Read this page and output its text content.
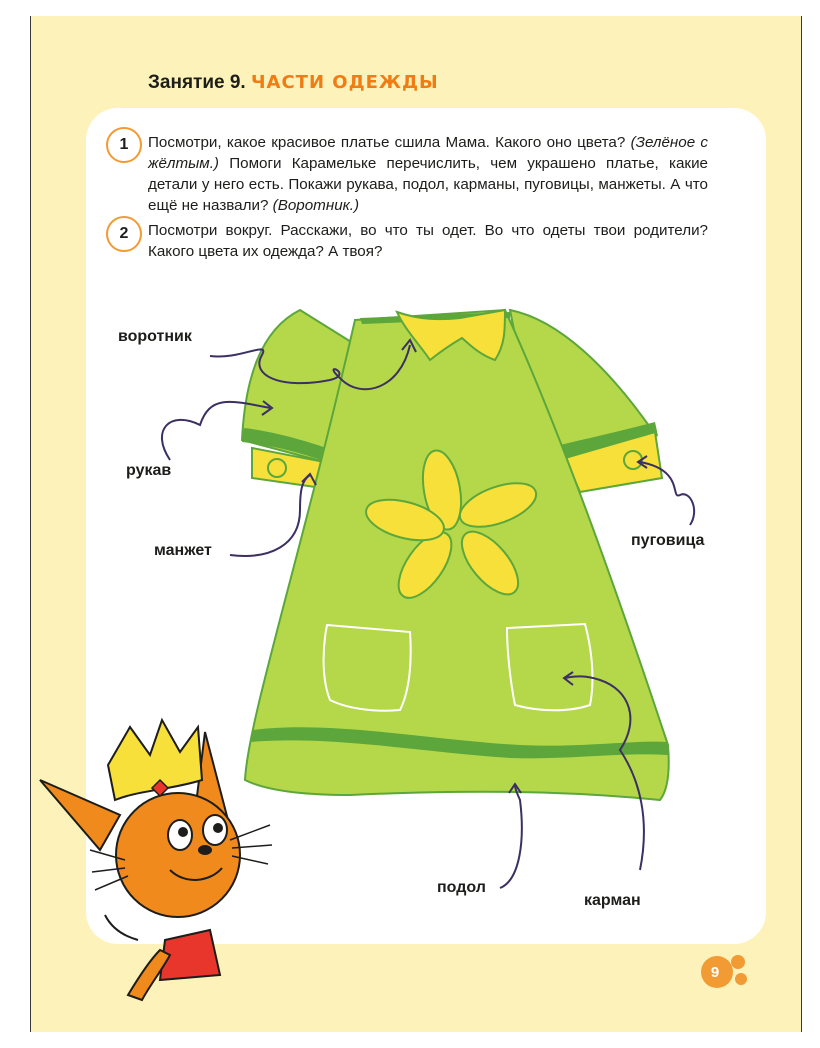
Занятие 9. ЧАСТИ ОДЕЖДЫ
1	Посмотри, какое красивое платье сшила Мама. Какого оно цвета? (Зелёное с жёлтым.) Помоги Карамельке перечислить, чем украшено платье, какие детали у него есть. Покажи рукава, подол, карманы, пуговицы, манжеты. А что ещё не назвали? (Воротник.)
2	Посмотри вокруг. Расскажи, во что ты одет. Во что одеты твои родители? Какого цвета их одежда? А твоя?
воротник
рукав
манжет
пуговица
подол
карман
9
